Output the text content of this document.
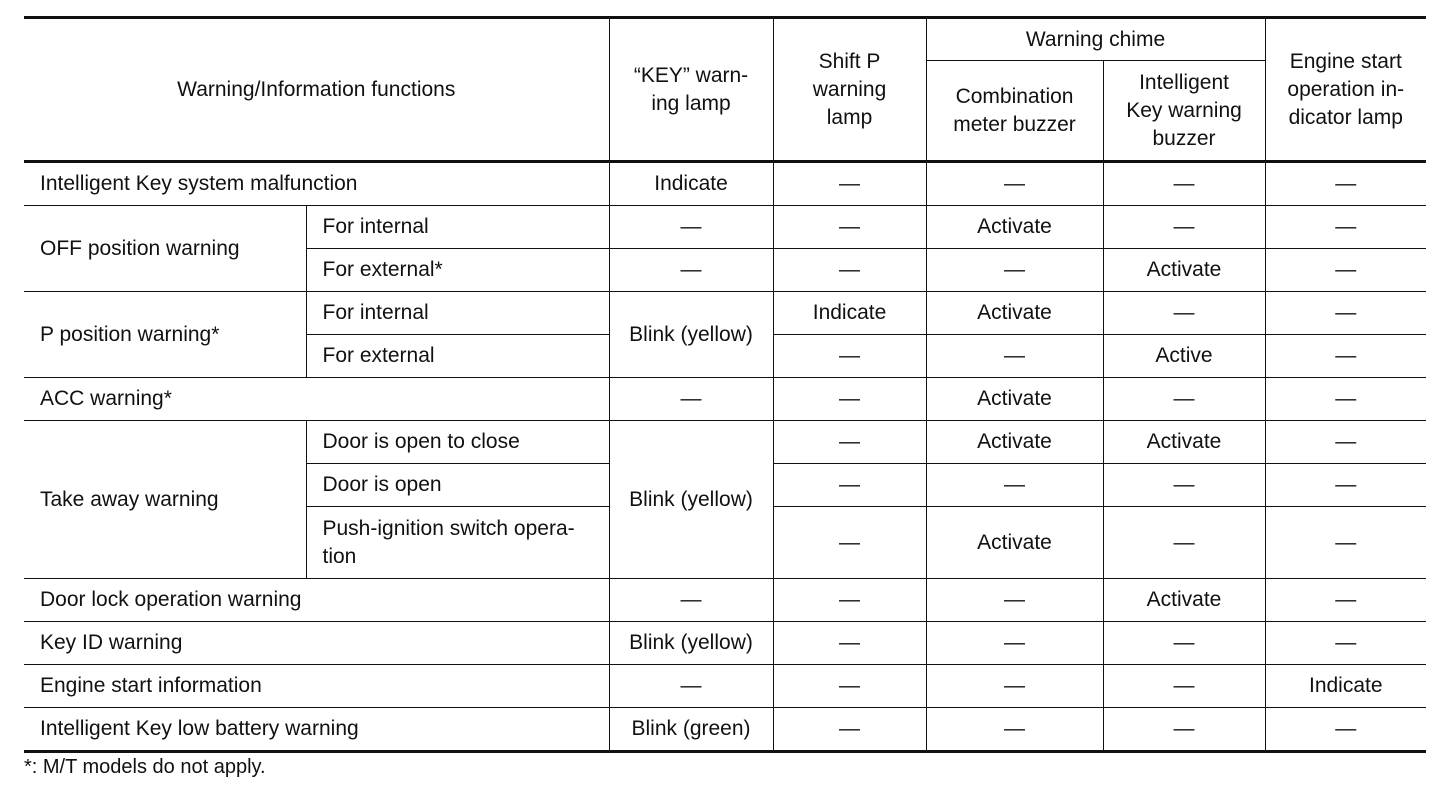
Warning/Information functions		“KEY” warn-ing lamp	Shift P warning lamp	Warning chime		Engine start operation in-dicator lamp
				Combination meter buzzer	Intelligent Key warning buzzer	
Intelligent Key system malfunction		Indicate	—	—	—	—
OFF position warning	For internal	—	—	Activate	—	—
	For external*	—	—	—	Activate	—
P position warning*	For internal	Blink (yellow)	Indicate	Activate	—	—
	For external		—	—	Active	—
ACC warning*		—	—	Activate	—	—
Take away warning	Door is open to close	Blink (yellow)	—	Activate	Activate	—
	Door is open		—	—	—	—
	Push-ignition switch opera-tion		—	Activate	—	—
Door lock operation warning		—	—	—	Activate	—
Key ID warning		Blink (yellow)	—	—	—	—
Engine start information		—	—	—	—	Indicate
Intelligent Key low battery warning		Blink (green)	—	—	—	—
*: M/T models do not apply.
